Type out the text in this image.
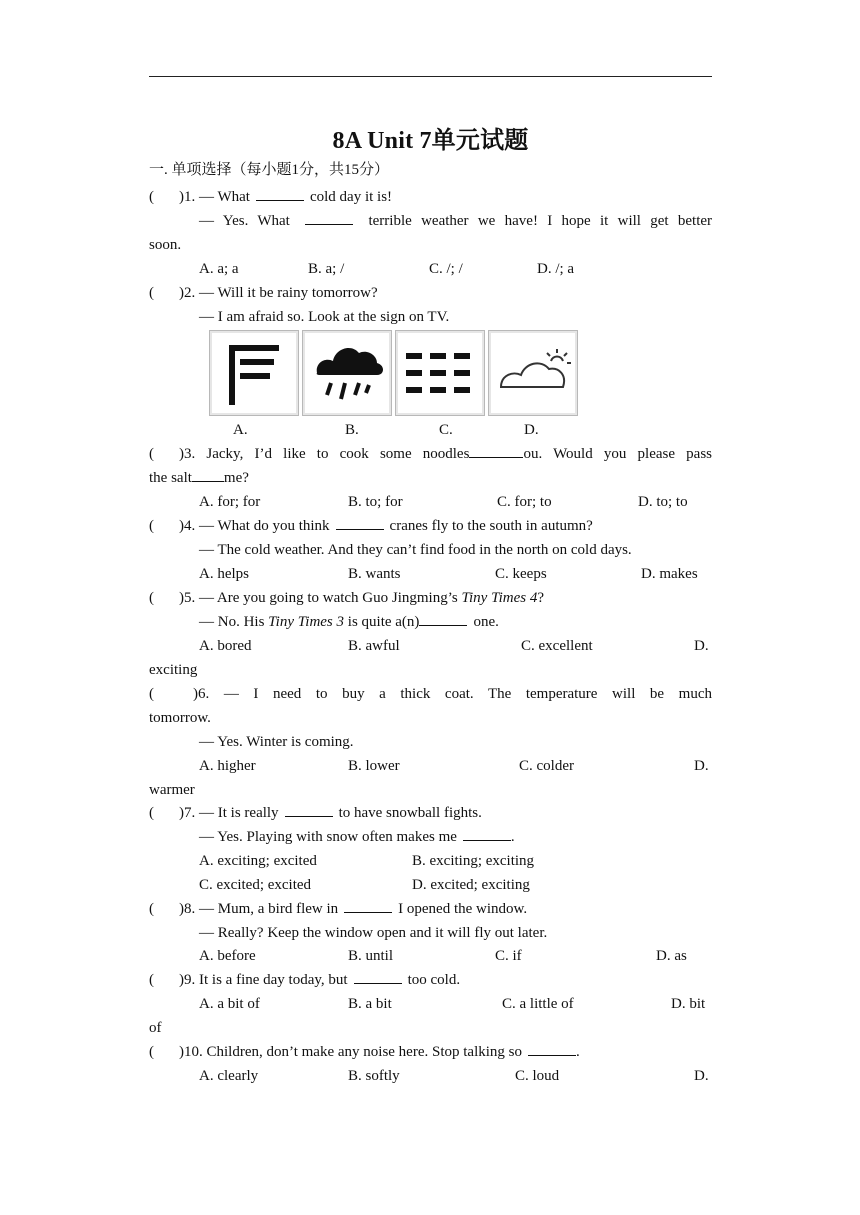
8A Unit 7单元试题
一. 单项选择（每小题1分，共15分）
( )1. — What	cold day it is!
— Yes. What	terrible weather we have! I hope it will get better
soon.
A. a; a	B. a; /	C. /; /	D. /; a
( )2. — Will it be rainy tomorrow?
— I am afraid so. Look at the sign on TV.
A.	B.	C.	D.
( )3. Jacky, I’d like to cook some noodles	ou. Would you please pass
the salt me?
A. for; for	B. to; for	C. for; to	D. to; to
( )4. — What do you think	cranes fly to the south in autumn?
— The cold weather. And they can’t find food in the north on cold days.
A. helps	B. wants	C. keeps	D. makes
( )5. — Are you going to watch Guo Jingming’s Tiny Times 4?
— No. His Tiny Times 3 is quite a(n)	one.
A. bored	B. awful	C. excellent	D.
exciting
(	)6. — I need to buy a thick coat. The temperature will be much
tomorrow.
— Yes. Winter is coming.
A. higher	B. lower	C. colder	D.
warmer
( )7. — It is really	to have snowball fights.
— Yes. Playing with snow often makes me	.
A. exciting; excited	B. exciting; exciting
C. excited; excited	D. excited; exciting
( )8. — Mum, a bird flew in	I opened the window.
— Really? Keep the window open and it will fly out later.
A. before	B. until	C. if	D. as
( )9. It is a fine day today, but	too cold.
A. a bit of	B. a bit	C. a little of	D. bit
of
( )10. Children, don’t make any noise here. Stop talking so	.
A. clearly	B. softly	C. loud	D.
